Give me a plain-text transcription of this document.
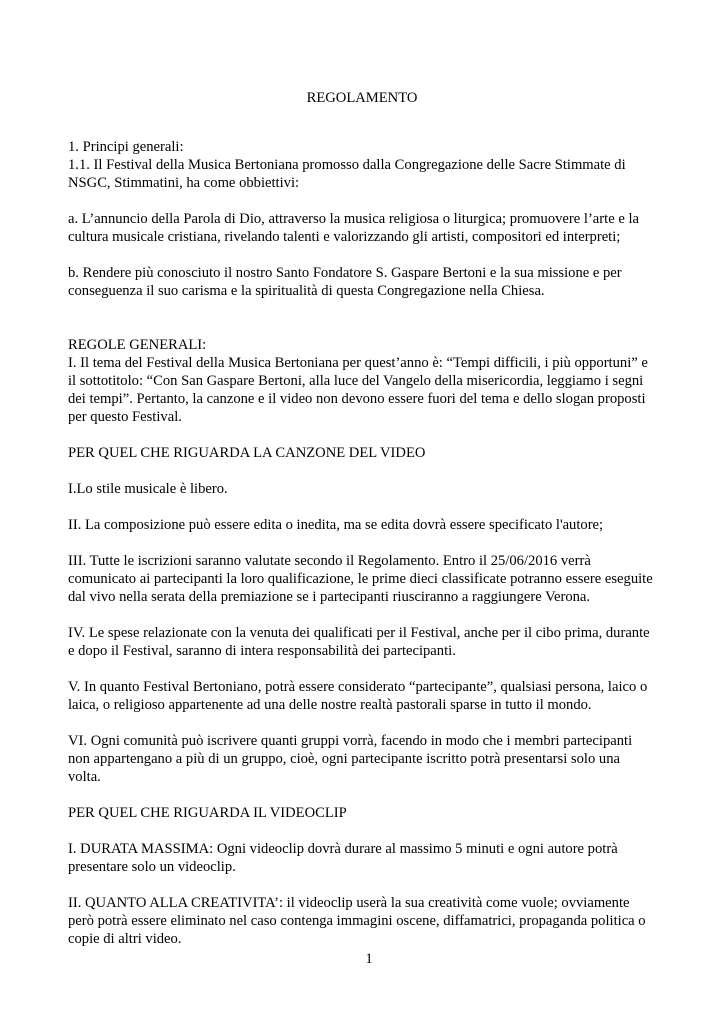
REGOLAMENTO

1. Principi generali:

1.1. Il Festival della Musica Bertoniana promosso dalla Congregazione delle Sacre Stimmate di
NSGC, Stimmatini, ha come obbiettivi:

a. L’annuncio della Parola di Dio, attraverso la musica religiosa o liturgica; promuovere l’arte e la
cultura musicale cristiana, rivelando talenti e valorizzando gli artisti, compositori ed interpreti;

b. Rendere più conosciuto il nostro Santo Fondatore S. Gaspare Bertoni e la sua missione e per
conseguenza il suo carisma e la spiritualità di questa Congregazione nella Chiesa.

REGOLE GENERALI:

I. Il tema del Festival della Musica Bertoniana per quest’anno è: “Tempi difficili, i più opportuni” e
il sottotitolo: “Con San Gaspare Bertoni, alla luce del Vangelo della misericordia, leggiamo i segni
dei tempi”. Pertanto, la canzone e il video non devono essere fuori del tema e dello slogan proposti
per questo Festival.

PER QUEL CHE RIGUARDA LA CANZONE DEL VIDEO

I.Lo stile musicale è libero.

II. La composizione può essere edita o inedita, ma se edita dovrà essere specificato l'autore;

III. Tutte le iscrizioni saranno valutate secondo il Regolamento. Entro il 25/06/2016 verrà
comunicato ai partecipanti la loro qualificazione, le prime dieci classificate potranno essere eseguite
dal vivo nella serata della premiazione se i partecipanti riusciranno a raggiungere Verona.

IV. Le spese relazionate con la venuta dei qualificati per il Festival, anche per il cibo prima, durante
e dopo il Festival, saranno di intera responsabilità dei partecipanti.

V. In quanto Festival Bertoniano, potrà essere considerato “partecipante”, qualsiasi persona, laico o
laica, o religioso appartenente ad una delle nostre realtà pastorali sparse in tutto il mondo.

VI. Ogni comunità può iscrivere quanti gruppi vorrà, facendo in modo che i membri partecipanti
non appartengano a più di un gruppo, cioè, ogni partecipante iscritto potrà presentarsi solo una
volta.

PER QUEL CHE RIGUARDA IL VIDEOCLIP

I. DURATA MASSIMA: Ogni videoclip dovrà durare al massimo 5 minuti e ogni autore potrà
presentare solo un videoclip.

II. QUANTO ALLA CREATIVITA’: il videoclip userà la sua creatività come vuole; ovviamente
però potrà essere eliminato nel caso contenga immagini oscene, diffamatrici, propaganda politica o
copie di altri video.

1
